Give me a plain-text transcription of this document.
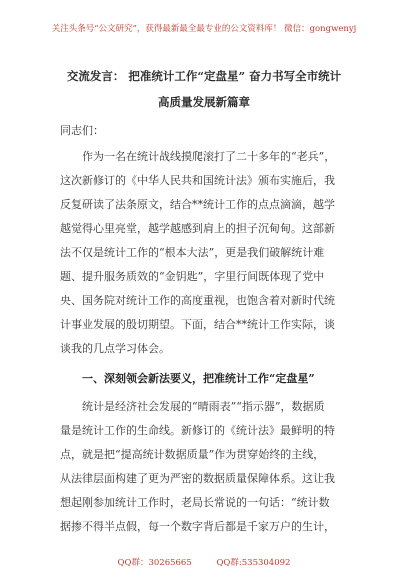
关注头条号“公文研究”，获得最新最全最专业的公文资料库！ 微信：gongwenyj
交流发言： 把准统计工作“定盘星” 奋力书写全市统计
高质量发展新篇章
同志们：
作为一名在统计战线摸爬滚打了二十多年的“老兵”，
这次新修订的《中华人民共和国统计法》颁布实施后，我
反复研读了法条原文，结合**统计工作的点点滴滴，越学
越觉得心里亮堂，越学越感到肩上的担子沉甸甸。这部新
法不仅是统计工作的“根本大法”，更是我们破解统计难
题、提升服务质效的“金钥匙”，字里行间既体现了党中
央、国务院对统计工作的高度重视，也饱含着对新时代统
计事业发展的殷切期望。下面，结合**统计工作实际，谈
谈我的几点学习体会。
一、深刻领会新法要义，把准统计工作“定盘星”
统计是经济社会发展的“晴雨表”“指示器”，数据质
量是统计工作的生命线。新修订的《统计法》最鲜明的特
点，就是把“提高统计数据质量”作为贯穿始终的主线，
从法律层面构建了更为严密的数据质量保障体系。这让我
想起刚参加统计工作时，老局长常说的一句话：“统计数
据掺不得半点假，每一个数字背后都是千家万户的生计，
QQ群：30265665	QQ群:535304092
